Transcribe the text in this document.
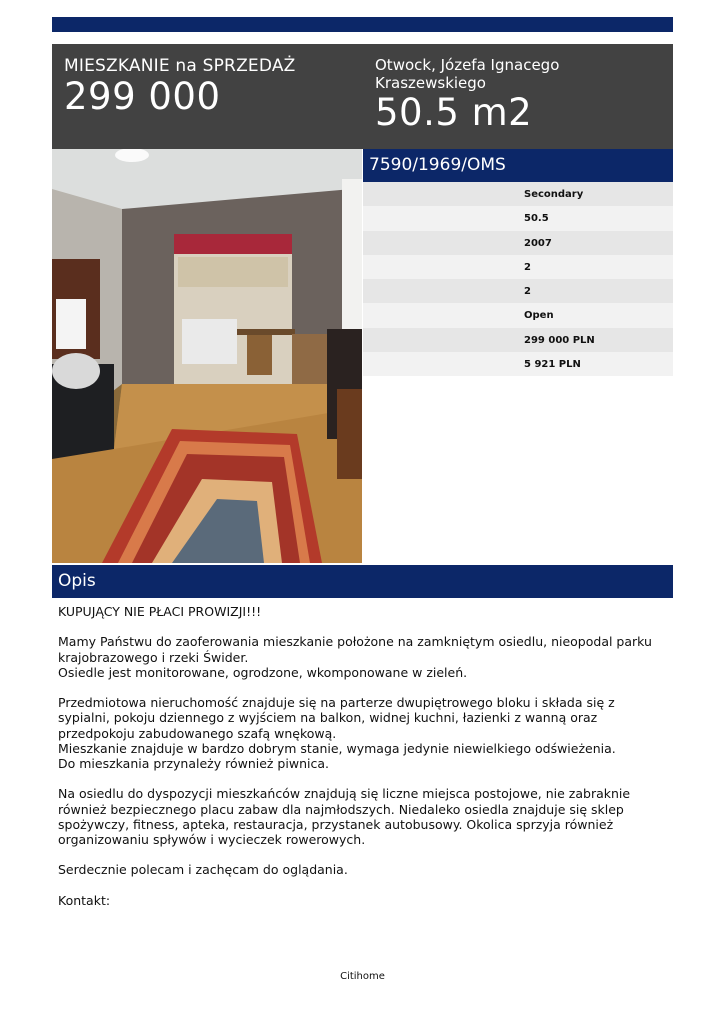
MIESZKANIE na SPRZEDAŻ
299 000
Otwock, Józefa Ignacego Kraszewskiego
50.5 m2
7590/1969/OMS
Secondary
50.5
2007
2
2
Open
299 000 PLN
5 921 PLN
Opis

KUPUJĄCY NIE PŁACI PROWIZJI!!!

Mamy Państwu do zaoferowania mieszkanie położone na zamkniętym osiedlu, nieopodal parku krajobrazowego i rzeki Świder.

Osiedle jest monitorowane, ogrodzone, wkomponowane w zieleń.

Przedmiotowa nieruchomość znajduje się na parterze dwupiętrowego bloku i składa się z sypialni, pokoju dziennego z wyjściem na balkon, widnej kuchni, łazienki z wanną oraz przedpokoju zabudowanego szafą wnękową.

Mieszkanie znajduje w bardzo dobrym stanie, wymaga jedynie niewielkiego odświeżenia.

Do mieszkania przynależy również piwnica.

Na osiedlu do dyspozycji mieszkańców znajdują się liczne miejsca postojowe, nie zabraknie również bezpiecznego placu zabaw dla najmłodszych. Niedaleko osiedla znajduje się sklep spożywczy, fitness, apteka, restauracja, przystanek autobusowy. Okolica sprzyja również organizowaniu spływów i wycieczek rowerowych.

Serdecznie polecam i zachęcam do oglądania.

Kontakt:

Citihome
